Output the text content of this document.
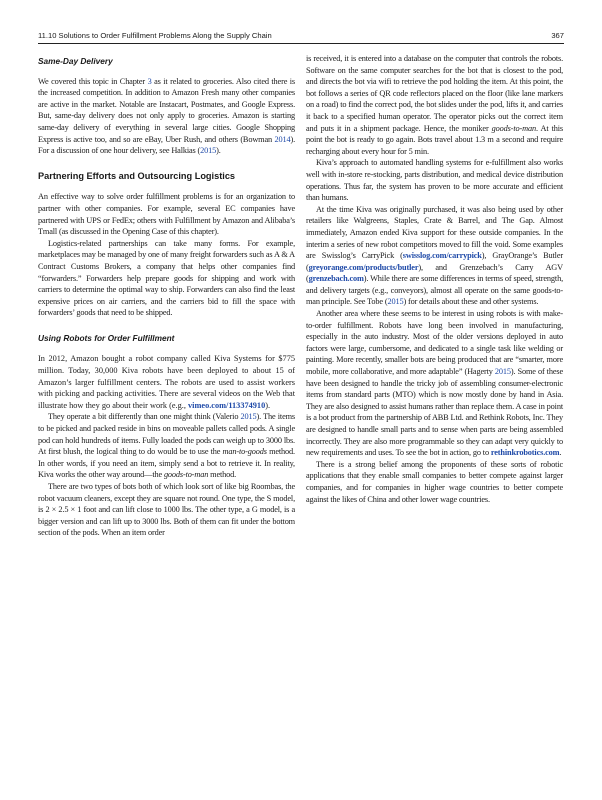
11.10 Solutions to Order Fulfillment Problems Along the Supply Chain	367
Same-Day Delivery

We covered this topic in Chapter 3 as it related to groceries. Also cited there is the increased competition. In addition to Amazon Fresh many other companies are active in the market. Notable are Instacart, Postmates, and Google Express. But, same-day delivery does not only apply to groceries. Amazon is starting same-day delivery of everything in several large cities. Google Shopping Express is active too, and so are eBay, Uber Rush, and others (Bowman 2014). For a discussion of one hour delivery, see Halkias (2015).

Partnering Efforts and Outsourcing Logistics

An effective way to solve order fulfillment problems is for an organization to partner with other companies. For example, several EC companies have partnered with UPS or FedEx; others with Fulfillment by Amazon and Alibaba’s Tmall (as discussed in the Opening Case of this chapter).

Logistics-related partnerships can take many forms. For example, marketplaces may be managed by one of many freight forwarders such as A & A Contract Customs Brokers, a company that helps other companies find “forwarders.” Forwarders help prepare goods for shipping and work with carriers to determine the optimal way to ship. Forwarders can also find the least expensive prices on air carriers, and the carriers bid to fill the space with forwarders’ goods that need to be shipped.

Using Robots for Order Fulfillment

In 2012, Amazon bought a robot company called Kiva Systems for $775 million. Today, 30,000 Kiva robots have been deployed to about 15 of Amazon’s larger fulfillment centers. The robots are used to assist workers with picking and packing activities. There are several videos on the Web that illustrate how they go about their work (e.g., vimeo.com/113374910).

They operate a bit differently than one might think (Valerio 2015). The items to be picked and packed reside in bins on moveable pallets called pods. A single pod can hold hundreds of items. Fully loaded the pods can weigh up to 3000 lbs. At first blush, the logical thing to do would be to use the man-to-goods method. In other words, if you need an item, simply send a bot to retrieve it. In reality, Kiva works the other way around—the goods-to-man method.

There are two types of bots both of which look sort of like big Roombas, the robot vacuum cleaners, except they are square not round. One type, the S model, is 2 × 2.5 × 1 foot and can lift close to 1000 lbs. The other type, a G model, is a bigger version and can lift up to 3000 lbs. Both of them can fit under the bottom section of the pods. When an item order

is received, it is entered into a database on the computer that controls the robots. Software on the same computer searches for the bot that is closest to the pod, and directs the bot via wifi to retrieve the pod holding the item. At this point, the bot follows a series of QR code reflectors placed on the floor (like lane markers on a road) to find the correct pod, the bot slides under the pod, lifts it, and carries it back to a specified human operator. The operator picks out the correct item and puts it in a shipment package. Hence, the moniker goods-to-man. At this point the bot is ready to go again. Bots travel about 1.3 m a second and require recharging about every hour for 5 min.

Kiva’s approach to automated handling systems for e-fulfillment also works well with in-store re-stocking, parts distribution, and medical device distribution operations. Thus far, the system has proven to be more accurate and efficient than humans.

At the time Kiva was originally purchased, it was also being used by other retailers like Walgreens, Staples, Crate & Barrel, and The Gap. Almost immediately, Amazon ended Kiva support for these outside companies. In the interim a series of new robot competitors moved to fill the void. Some examples are Swisslog’s CarryPick (swisslog.com/carrypick), GrayOrange’s Butler (greyorange.com/products/butler), and Grenzebach’s Carry AGV (grenzebach.com). While there are some differences in terms of speed, strength, and delivery targets (e.g., conveyors), almost all operate on the same goods-to-man principle. See Tobe (2015) for details about these and other systems.

Another area where these seems to be interest in using robots is with make-to-order fulfillment. Robots have long been involved in manufacturing, especially in the auto industry. Most of the older versions deployed in auto factors were large, cumbersome, and dedicated to a single task like welding or painting. More recently, smaller bots are being produced that are “smarter, more mobile, more collaborative, and more adaptable” (Hagerty 2015). Some of these have been designed to handle the tricky job of assembling consumer-electronic items from standard parts (MTO) which is now mostly done by hand in Asia. They are also designed to assist humans rather than replace them. A case in point is a bot product from the partnership of ABB Ltd. and Rethink Robots, Inc. They are designed to handle small parts and to sense when parts are being assembled incorrectly. They are also more programmable so they can adapt very quickly to new requirements and uses. To see the bot in action, go to rethinkrobotics.com.

There is a strong belief among the proponents of these sorts of robotic applications that they enable small companies to better compete against larger companies, and for companies in higher wage countries to better compete against the likes of China and other lower wage countries.
